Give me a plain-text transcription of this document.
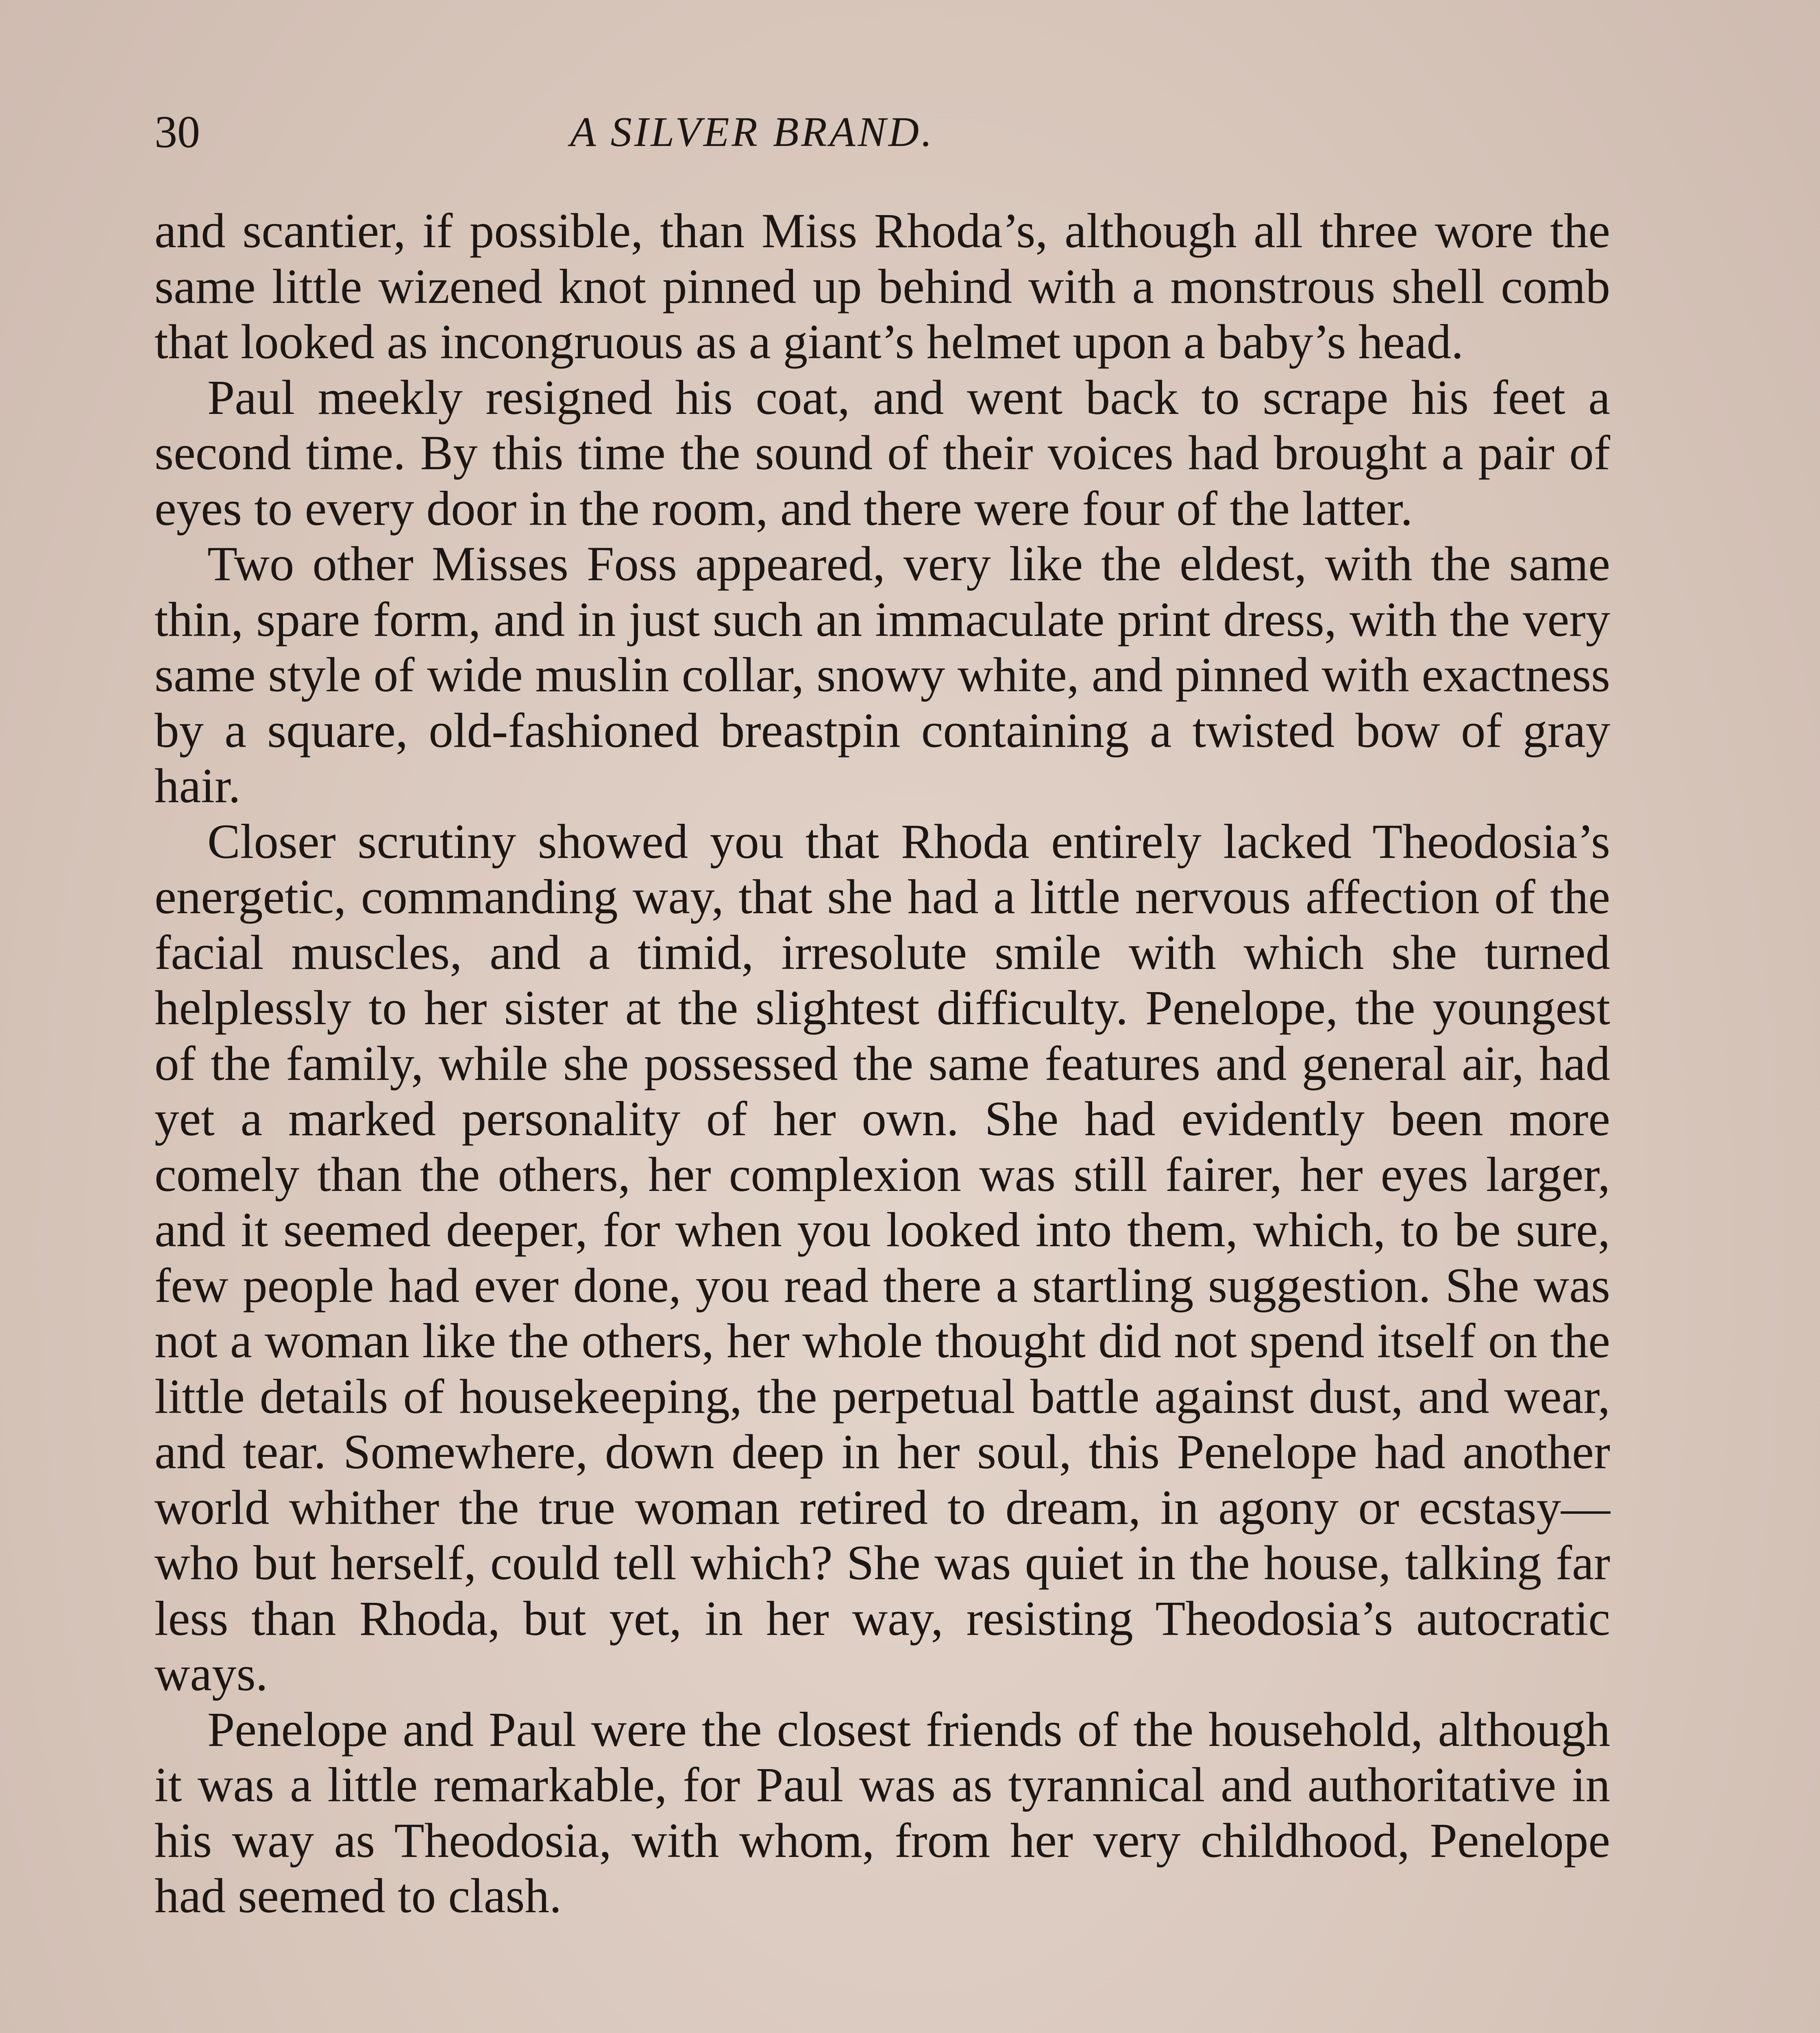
30	A SILVER BRAND.

and scantier, if possible, than Miss Rhoda’s, although all three wore the same little wizened knot pinned up behind with a monstrous shell comb that looked as incongruous as a giant’s helmet upon a baby’s head.

Paul meekly resigned his coat, and went back to scrape his feet a second time. By this time the sound of their voices had brought a pair of eyes to every door in the room, and there were four of the latter.

Two other Misses Foss appeared, very like the eldest, with the same thin, spare form, and in just such an immaculate print dress, with the very same style of wide muslin collar, snowy white, and pinned with exactness by a square, old-fashioned breastpin containing a twisted bow of gray hair.

Closer scrutiny showed you that Rhoda entirely lacked Theodosia’s energetic, commanding way, that she had a little nervous affection of the facial muscles, and a timid, irresolute smile with which she turned helplessly to her sister at the slightest difficulty. Penelope, the youngest of the family, while she possessed the same features and general air, had yet a marked personality of her own. She had evidently been more comely than the others, her complexion was still fairer, her eyes larger, and it seemed deeper, for when you looked into them, which, to be sure, few people had ever done, you read there a startling suggestion. She was not a woman like the others, her whole thought did not spend itself on the little details of housekeeping, the perpetual battle against dust, and wear, and tear. Somewhere, down deep in her soul, this Penelope had another world whither the true woman retired to dream, in agony or ecstasy—who but herself, could tell which? She was quiet in the house, talking far less than Rhoda, but yet, in her way, resisting Theodosia’s autocratic ways.

Penelope and Paul were the closest friends of the household, although it was a little remarkable, for Paul was as tyrannical and authoritative in his way as Theodosia, with whom, from her very childhood, Penelope had seemed to clash.
